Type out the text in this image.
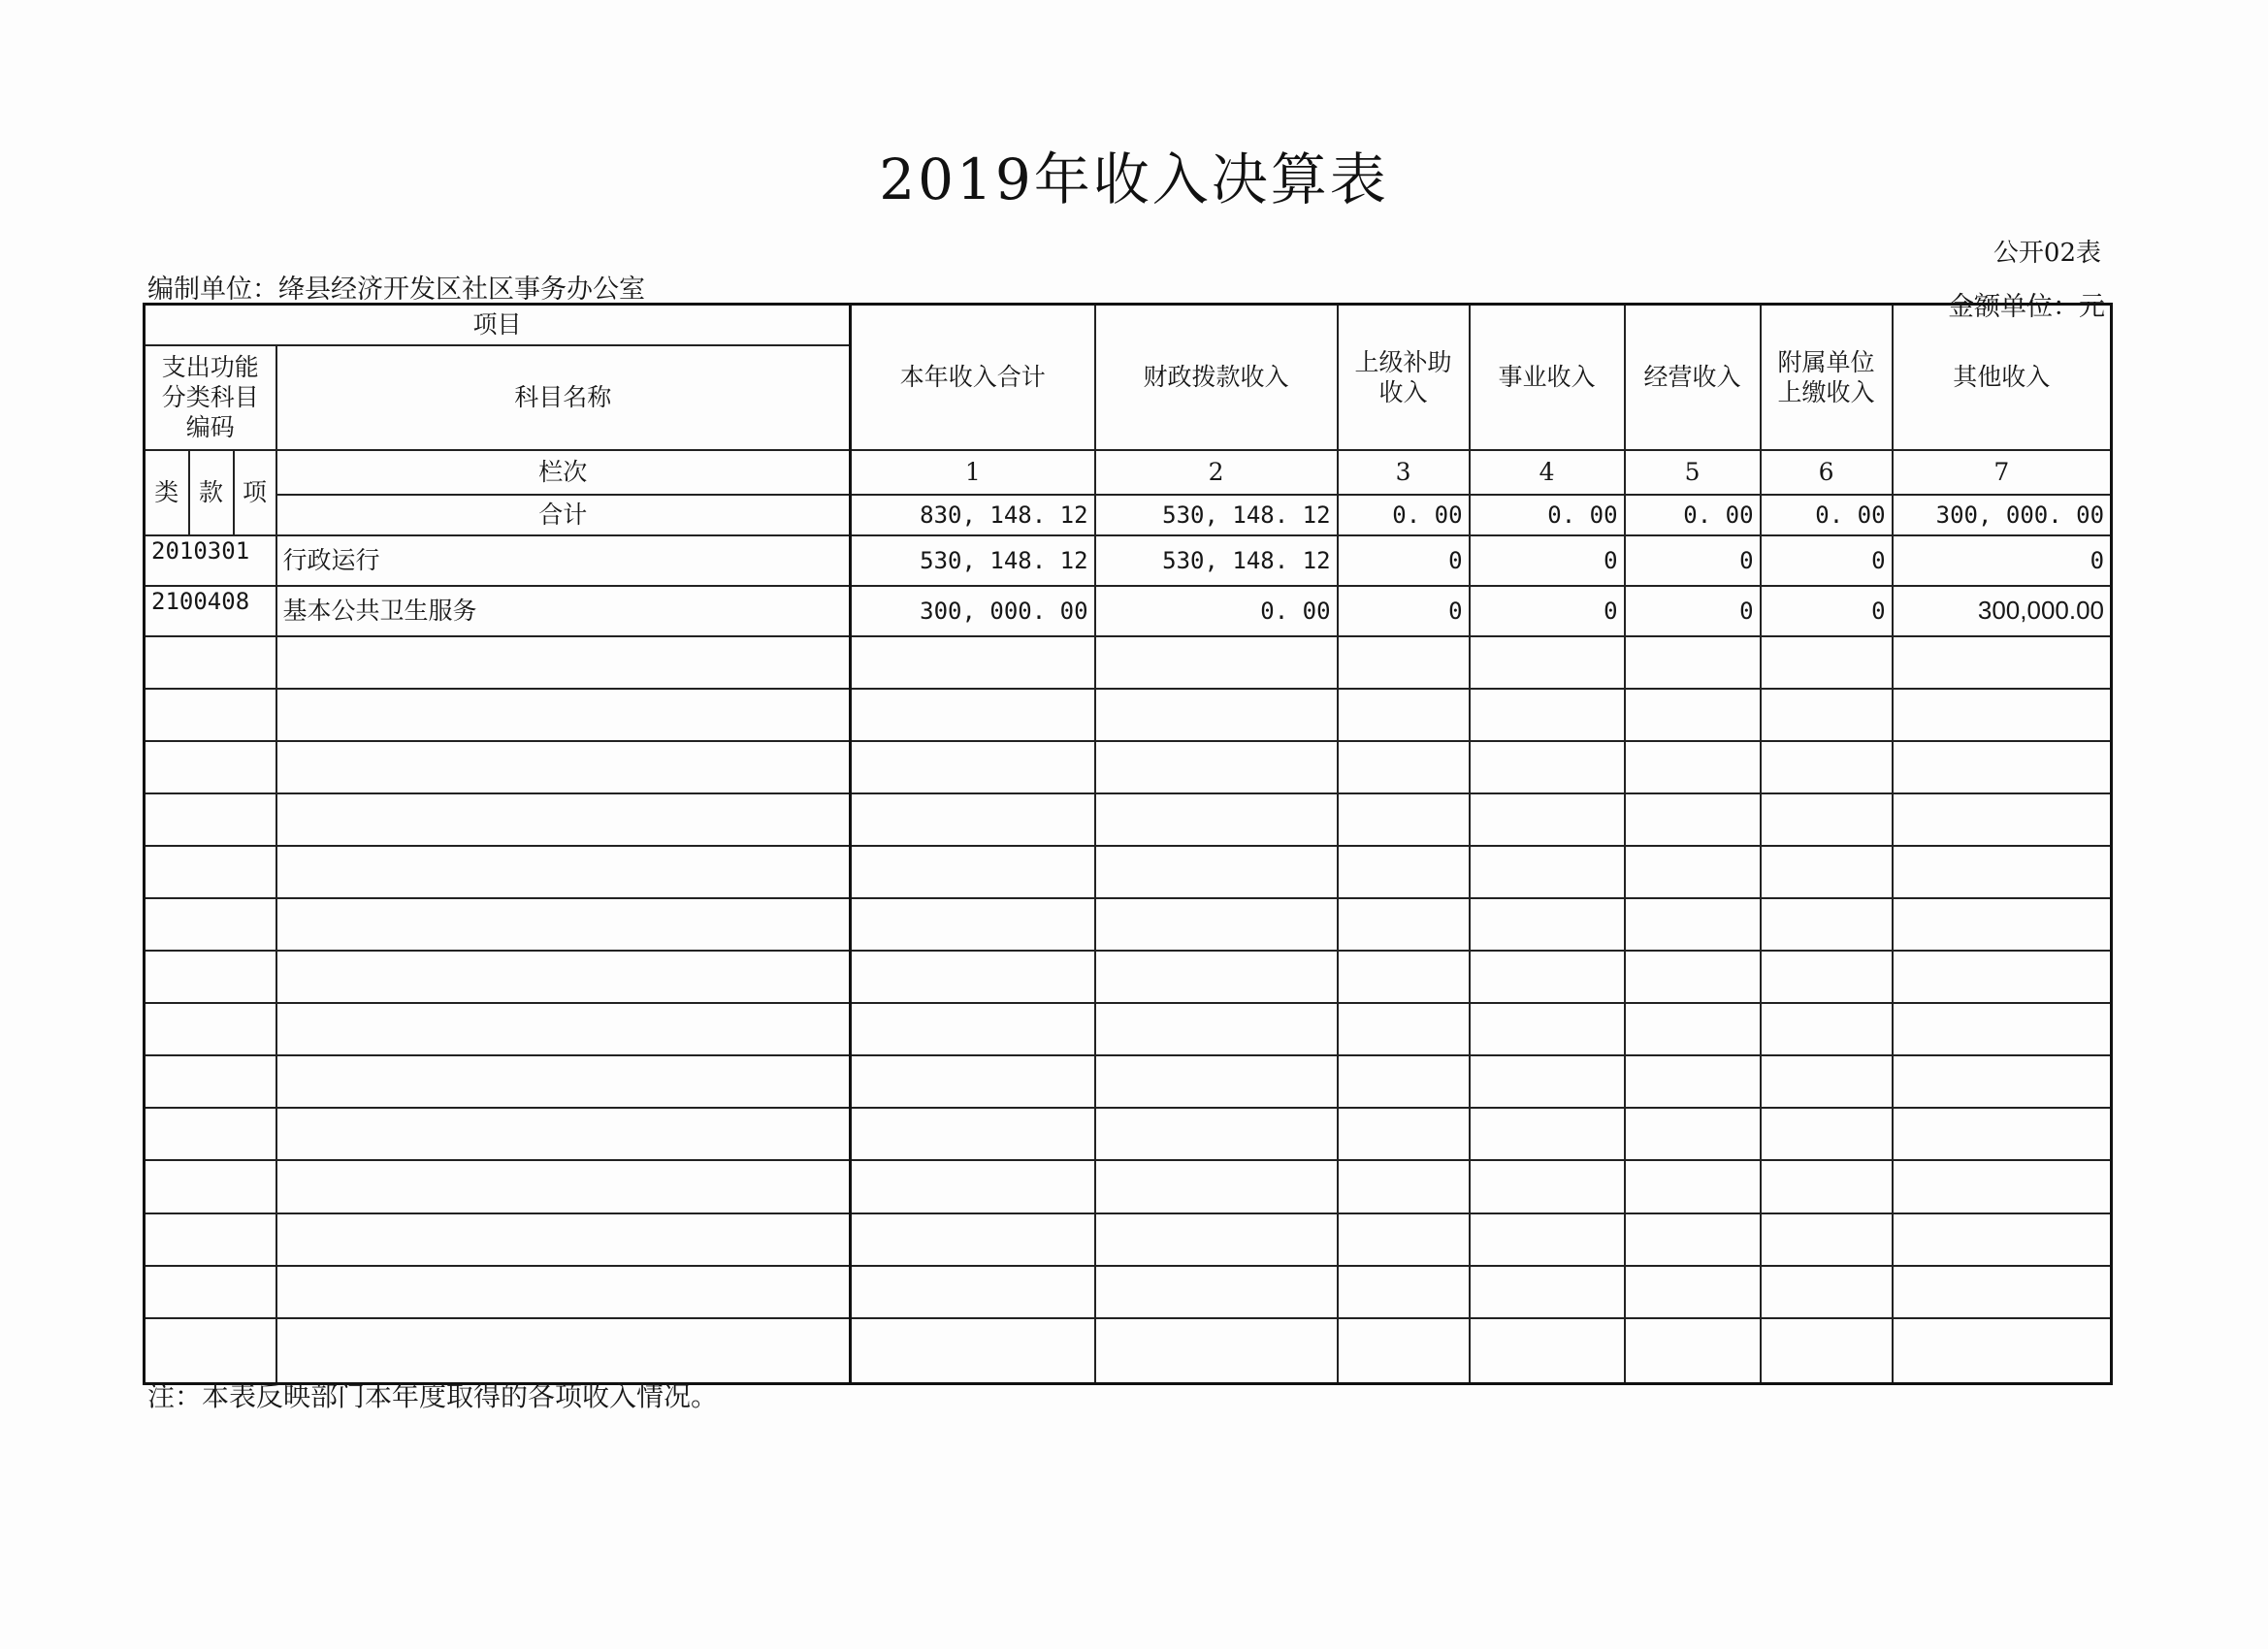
2019年收入决算表
公开02表
编制单位：绛县经济开发区社区事务办公室
金额单位：元
项目				本年收入合计	财政拨款收入	上级补助收入	事业收入	经营收入	附属单位上缴收入	其他收入
支出功能分类科目编码			科目名称							
类	款	项	栏次	1	2	3	4	5	6	7
			合计	830, 148. 12	530, 148. 12	0. 00	0. 00	0. 00	0. 00	300, 000. 00
2010301			行政运行	530, 148. 12	530, 148. 12	0	0	0	0	0
2100408			基本公共卫生服务	300, 000. 00	0. 00	0	0	0	0	300,000.00

注：本表反映部门本年度取得的各项收入情况。
